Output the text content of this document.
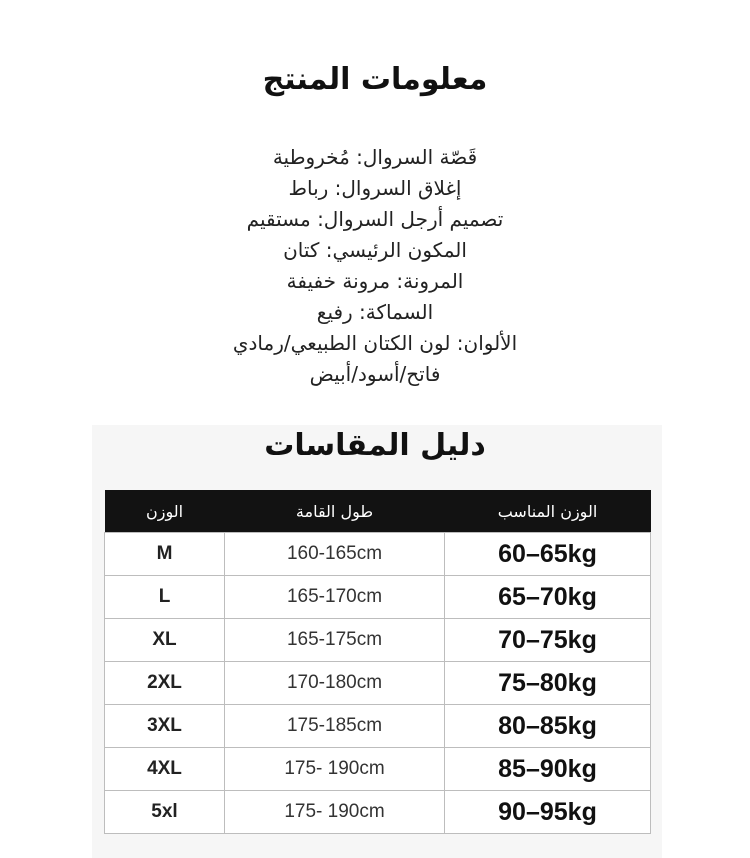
معلومات المنتج
قَصّة السروال: مُخروطية
إغلاق السروال: رباط
تصميم أرجل السروال: مستقيم
المكون الرئيسي: كتان
المرونة: مرونة خفيفة
السماكة: رفيع
الألوان: لون الكتان الطبيعي/رمادي
فاتح/أسود/أبيض
دليل المقاسات
الوزن	طول القامة	الوزن المناسب
M	160-165cm	60–65kg
L	165-170cm	65–70kg
XL	165-175cm	70–75kg
2XL	170-180cm	75–80kg
3XL	175-185cm	80–85kg
4XL	175- 190cm	85–90kg
5xl	175- 190cm	90–95kg
